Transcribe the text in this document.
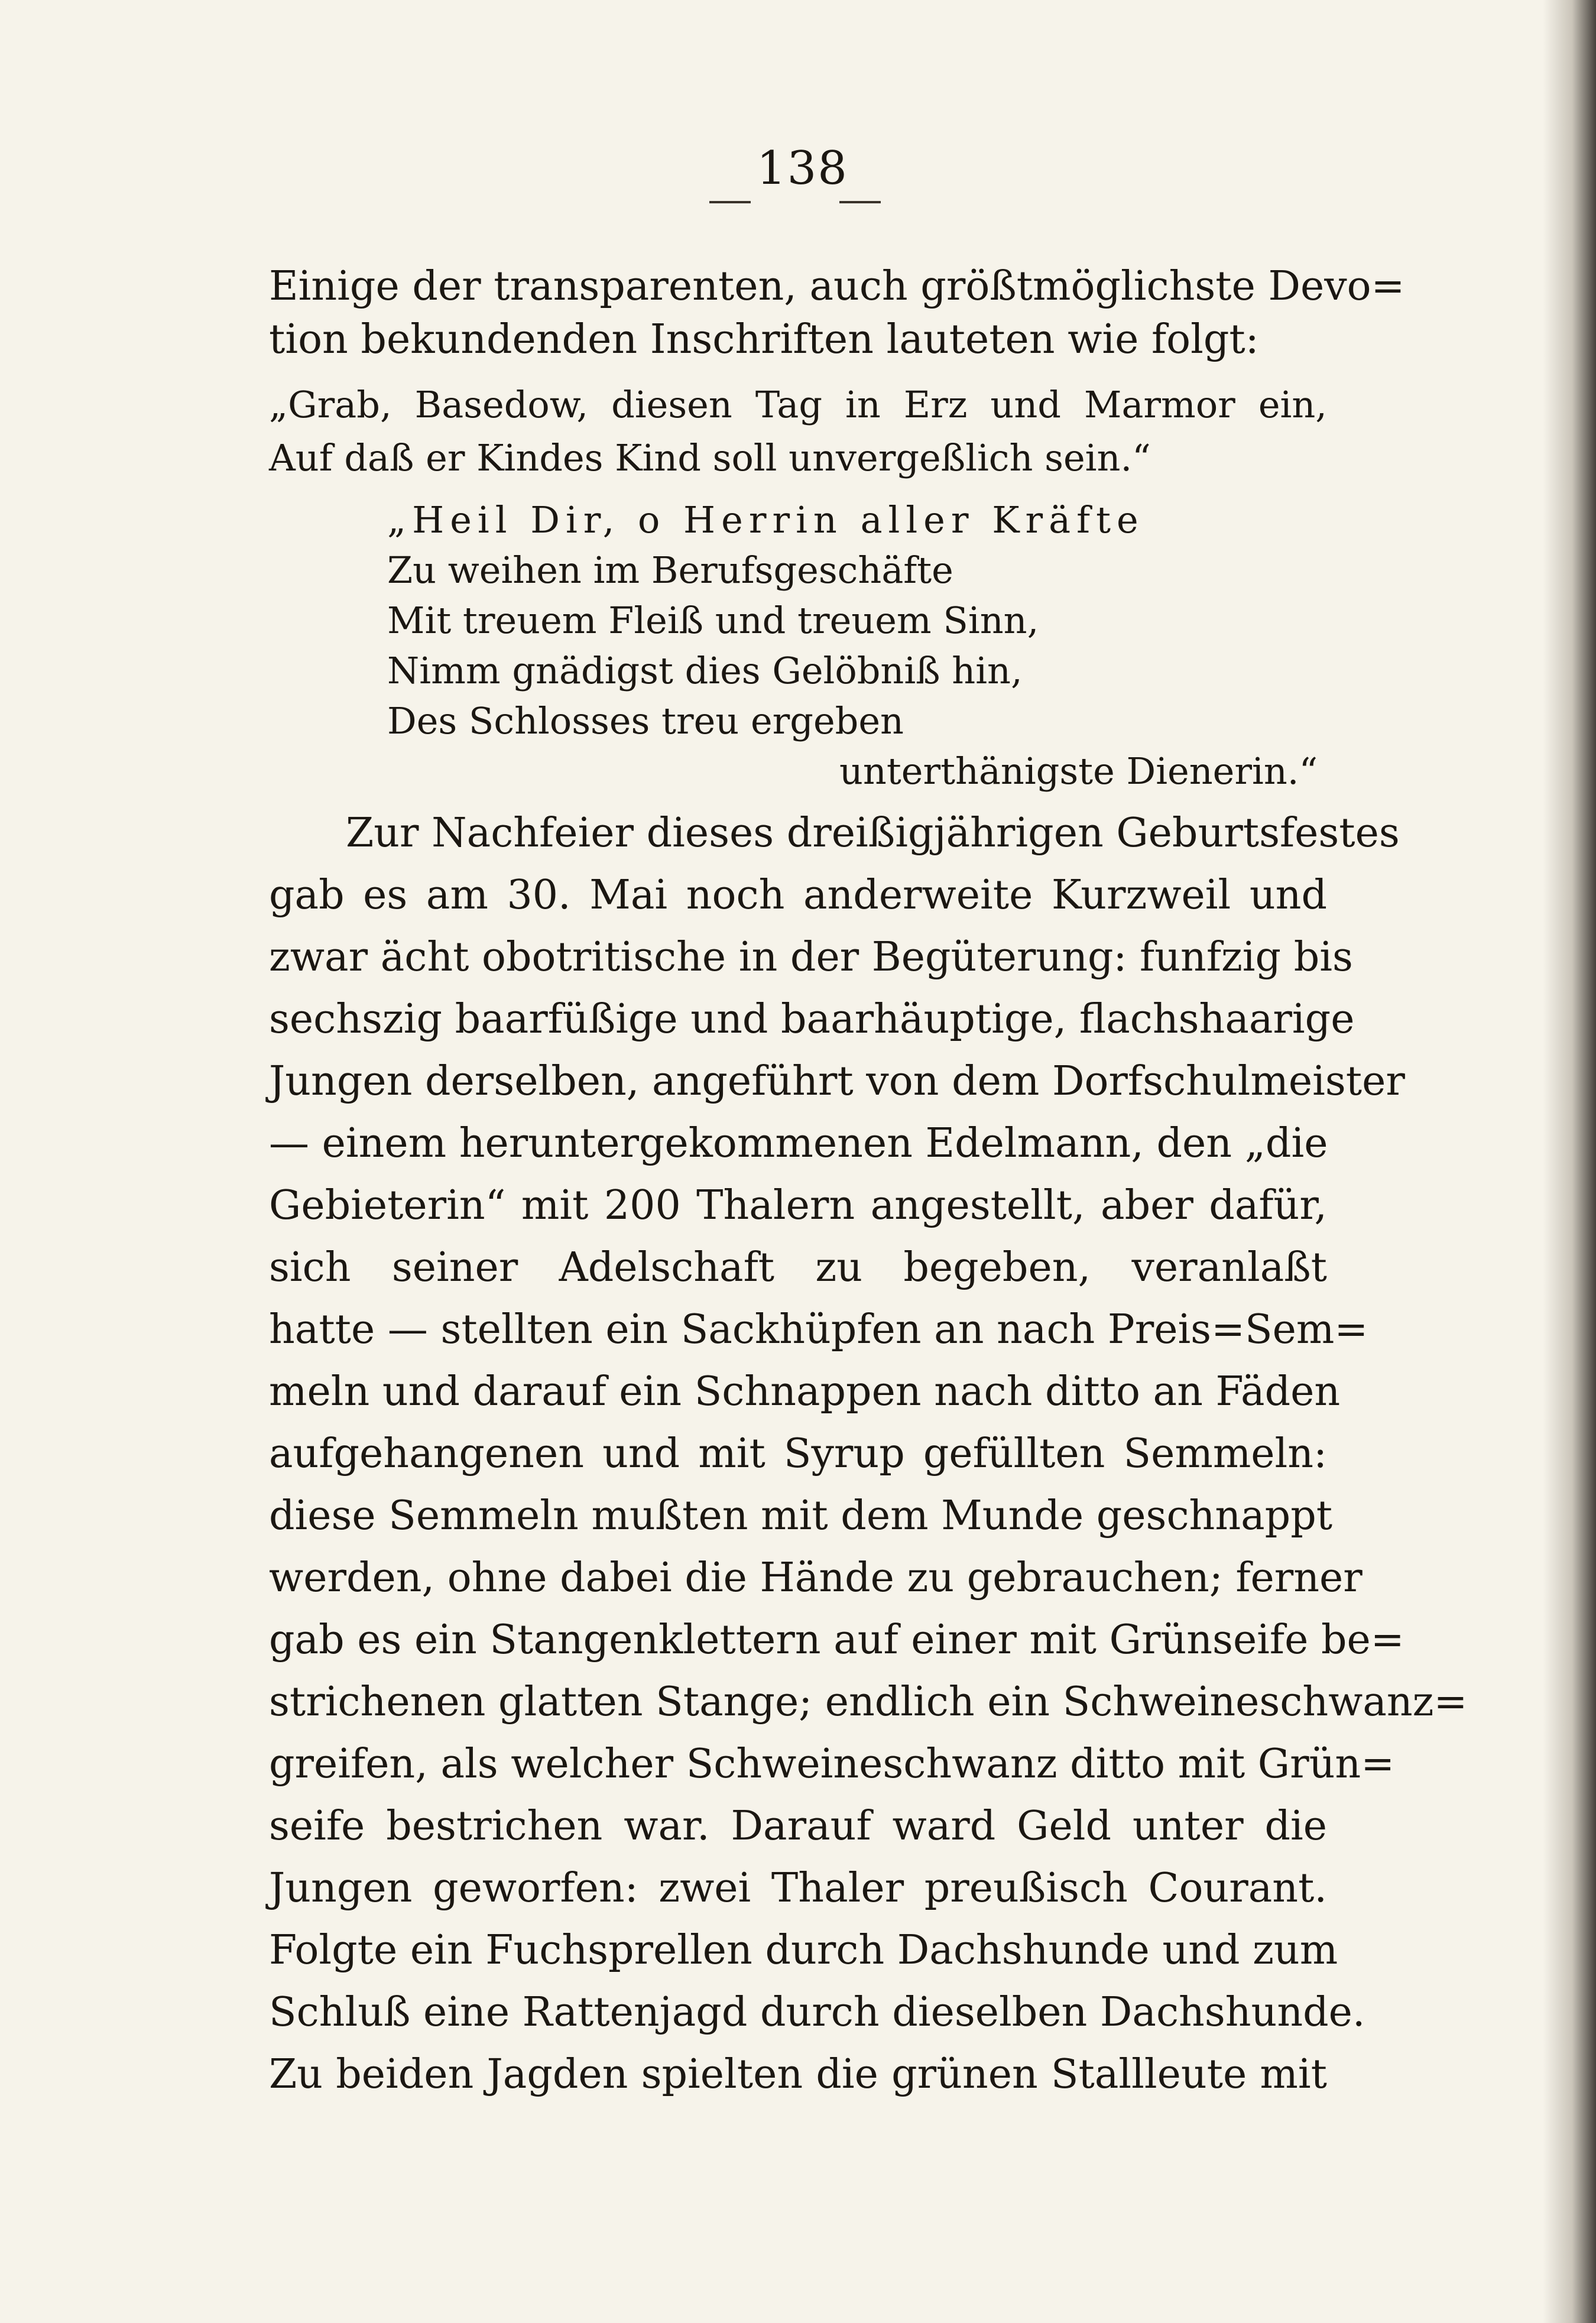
138
Einige der transparenten, auch größtmöglichste Devo=
tion bekundenden Inschriften lauteten wie folgt:
„Grab, Basedow, diesen Tag in Erz und Marmor ein,
Auf daß er Kindes Kind soll unvergeßlich sein.“
„Heil Dir, o Herrin aller Kräfte
Zu weihen im Berufsgeschäfte
Mit treuem Fleiß und treuem Sinn,
Nimm gnädigst dies Gelöbniß hin,
Des Schlosses treu ergeben
unterthänigste Dienerin.“
Zur Nachfeier dieses dreißigjährigen Geburtsfestes
gab es am 30. Mai noch anderweite Kurzweil und
zwar ächt obotritische in der Begüterung: funfzig bis
sechszig baarfüßige und baarhäuptige, flachshaarige
Jungen derselben, angeführt von dem Dorfschulmeister
— einem heruntergekommenen Edelmann, den „die
Gebieterin“ mit 200 Thalern angestellt, aber dafür,
sich seiner Adelschaft zu begeben, veranlaßt
hatte — stellten ein Sackhüpfen an nach Preis=Sem=
meln und darauf ein Schnappen nach ditto an Fäden
aufgehangenen und mit Syrup gefüllten Semmeln:
diese Semmeln mußten mit dem Munde geschnappt
werden, ohne dabei die Hände zu gebrauchen; ferner
gab es ein Stangenklettern auf einer mit Grünseife be=
strichenen glatten Stange; endlich ein Schweineschwanz=
greifen, als welcher Schweineschwanz ditto mit Grün=
seife bestrichen war. Darauf ward Geld unter die
Jungen geworfen: zwei Thaler preußisch Courant.
Folgte ein Fuchsprellen durch Dachshunde und zum
Schluß eine Rattenjagd durch dieselben Dachshunde.
Zu beiden Jagden spielten die grünen Stallleute mit
